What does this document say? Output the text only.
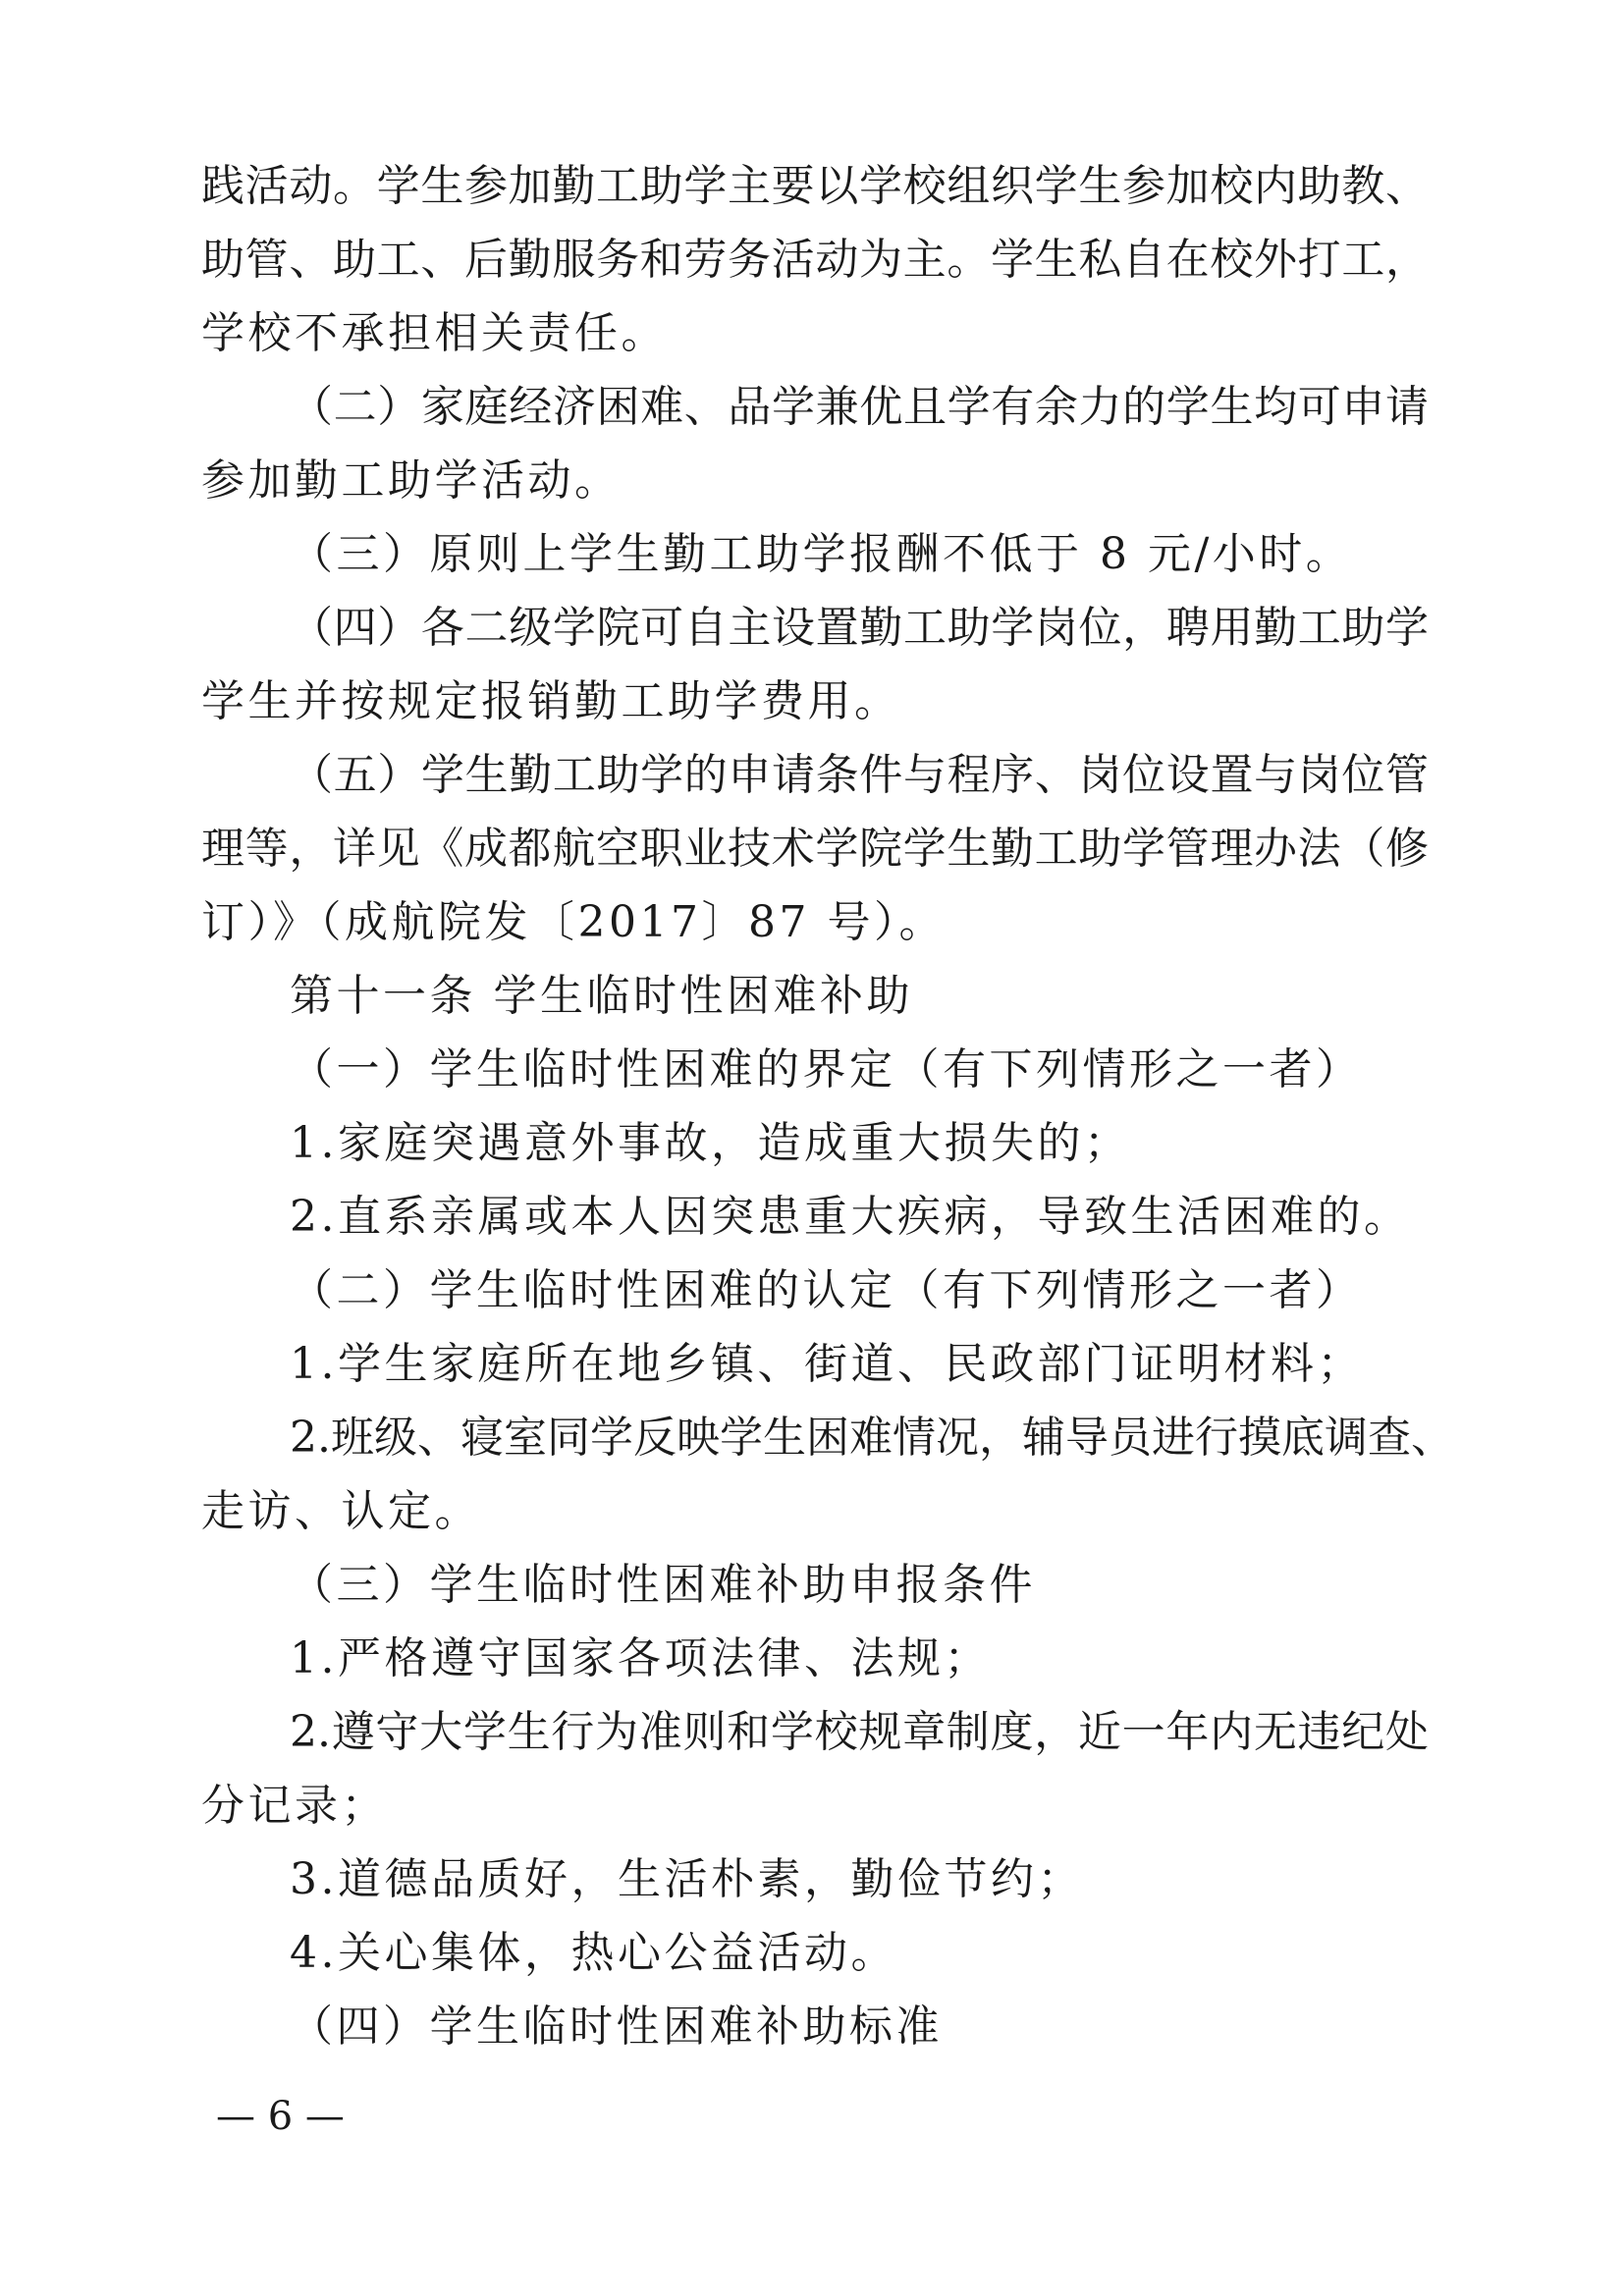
践活动。学生参加勤工助学主要以学校组织学生参加校内助教、
助管、助工、后勤服务和劳务活动为主。学生私自在校外打工，
学校不承担相关责任。
（二）家庭经济困难、品学兼优且学有余力的学生均可申请
参加勤工助学活动。
（三）原则上学生勤工助学报酬不低于 8 元/小时。
（四）各二级学院可自主设置勤工助学岗位，聘用勤工助学
学生并按规定报销勤工助学费用。
（五）学生勤工助学的申请条件与程序、岗位设置与岗位管
理等，详见《成都航空职业技术学院学生勤工助学管理办法（修
订）》（成航院发〔2017〕87 号）。
第十一条 学生临时性困难补助
（一）学生临时性困难的界定（有下列情形之一者）
1.家庭突遇意外事故，造成重大损失的；
2.直系亲属或本人因突患重大疾病，导致生活困难的。
（二）学生临时性困难的认定（有下列情形之一者）
1.学生家庭所在地乡镇、街道、民政部门证明材料；
2.班级、寝室同学反映学生困难情况，辅导员进行摸底调查、
走访、认定。
（三）学生临时性困难补助申报条件
1.严格遵守国家各项法律、法规；
2.遵守大学生行为准则和学校规章制度，近一年内无违纪处
分记录；
3.道德品质好，生活朴素，勤俭节约；
4.关心集体，热心公益活动。
（四）学生临时性困难补助标准
— 6 —
